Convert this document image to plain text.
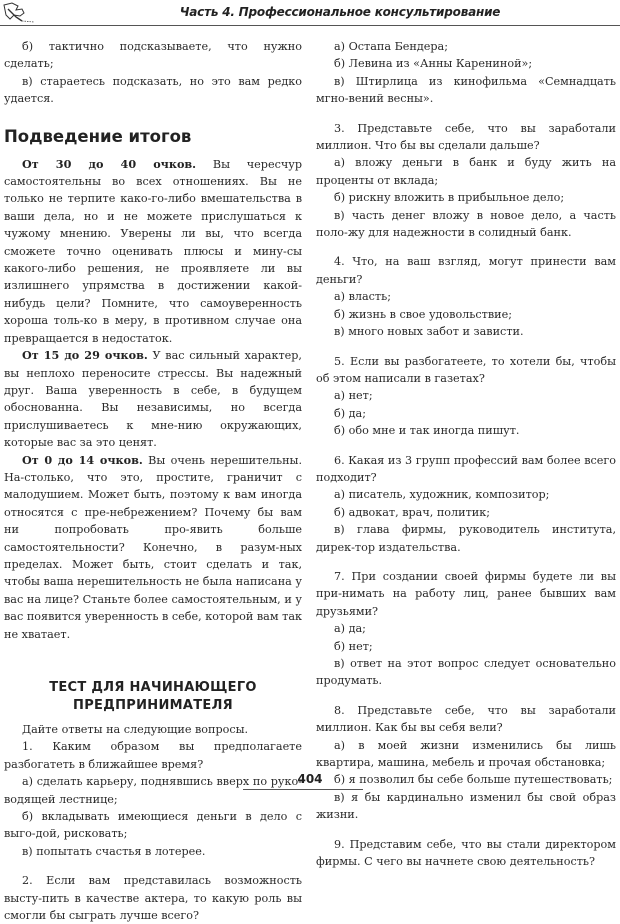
Часть 4. Профессиональное консультирование

б) тактично подсказываете, что нужно сделать;

в) стараетесь подсказать, но это вам редко удается.

Подведение итогов

От 30 до 40 очков. Вы чересчур самостоятельны во всех отношениях. Вы не только не терпите како-го-либо вмешательства в ваши дела, но и не можете прислушаться к чужому мнению. Уверены ли вы, что всегда сможете точно оценивать плюсы и мину-сы какого-либо решения, не проявляете ли вы излишнего упрямства в достижении какой-нибудь цели? Помните, что самоуверенность хороша толь-ко в меру, в противном случае она превращается в недостаток.

От 15 до 29 очков. У вас сильный характер, вы неплохо переносите стрессы. Вы надежный друг. Ваша уверенность в себе, в будущем обоснованна. Вы независимы, но всегда прислушиваетесь к мне-нию окружающих, которые вас за это ценят.

От 0 до 14 очков. Вы очень нерешительны. На-столько, что это, простите, граничит с малодушием. Может быть, поэтому к вам иногда относятся с пре-небрежением? Почему бы вам ни попробовать про-явить больше самостоятельности? Конечно, в разум-ных пределах. Может быть, стоит сделать и так, чтобы ваша нерешительность не была написана у вас на лице? Станьте более самостоятельным, и у вас появится уверенность в себе, которой вам так не хватает.

ТЕСТ ДЛЯ НАЧИНАЮЩЕГО
ПРЕДПРИНИМАТЕЛЯ

Дайте ответы на следующие вопросы.

1. Каким образом вы предполагаете разбогатеть в ближайшее время?

а) сделать карьеру, поднявшись вверх по руко-водящей лестнице;

б) вкладывать имеющиеся деньги в дело с выго-дой, рисковать;

в) попытать счастья в лотерее.

2. Если вам представилась возможность высту-пить в качестве актера, то какую роль вы смогли бы сыграть лучше всего?

а) Остапа Бендера;

б) Левина из «Анны Карениной»;

в) Штирлица из кинофильма «Семнадцать мгно-вений весны».

3. Представьте себе, что вы заработали миллион. Что бы вы сделали дальше?

а) вложу деньги в банк и буду жить на проценты от вклада;

б) рискну вложить в прибыльное дело;

в) часть денег вложу в новое дело, а часть поло-жу для надежности в солидный банк.

4. Что, на ваш взгляд, могут принести вам деньги?

а) власть;

б) жизнь в свое удовольствие;

в) много новых забот и зависти.

5. Если вы разбогатеете, то хотели бы, чтобы об этом написали в газетах?

а) нет;

б) да;

б) обо мне и так иногда пишут.

6. Какая из 3 групп профессий вам более всего подходит?

а) писатель, художник, композитор;

б) адвокат, врач, политик;

в) глава фирмы, руководитель института, дирек-тор издательства.

7. При создании своей фирмы будете ли вы при-нимать на работу лиц, ранее бывших вам друзьями?

а) да;

б) нет;

в) ответ на этот вопрос следует основательно продумать.

8. Представьте себе, что вы заработали миллион. Как бы вы себя вели?

а) в моей жизни изменились бы лишь квартира, машина, мебель и прочая обстановка;

б) я позволил бы себе больше путешествовать;

в) я бы кардинально изменил бы свой образ жизни.

9. Представим себе, что вы стали директором фирмы. С чего вы начнете свою деятельность?

404
